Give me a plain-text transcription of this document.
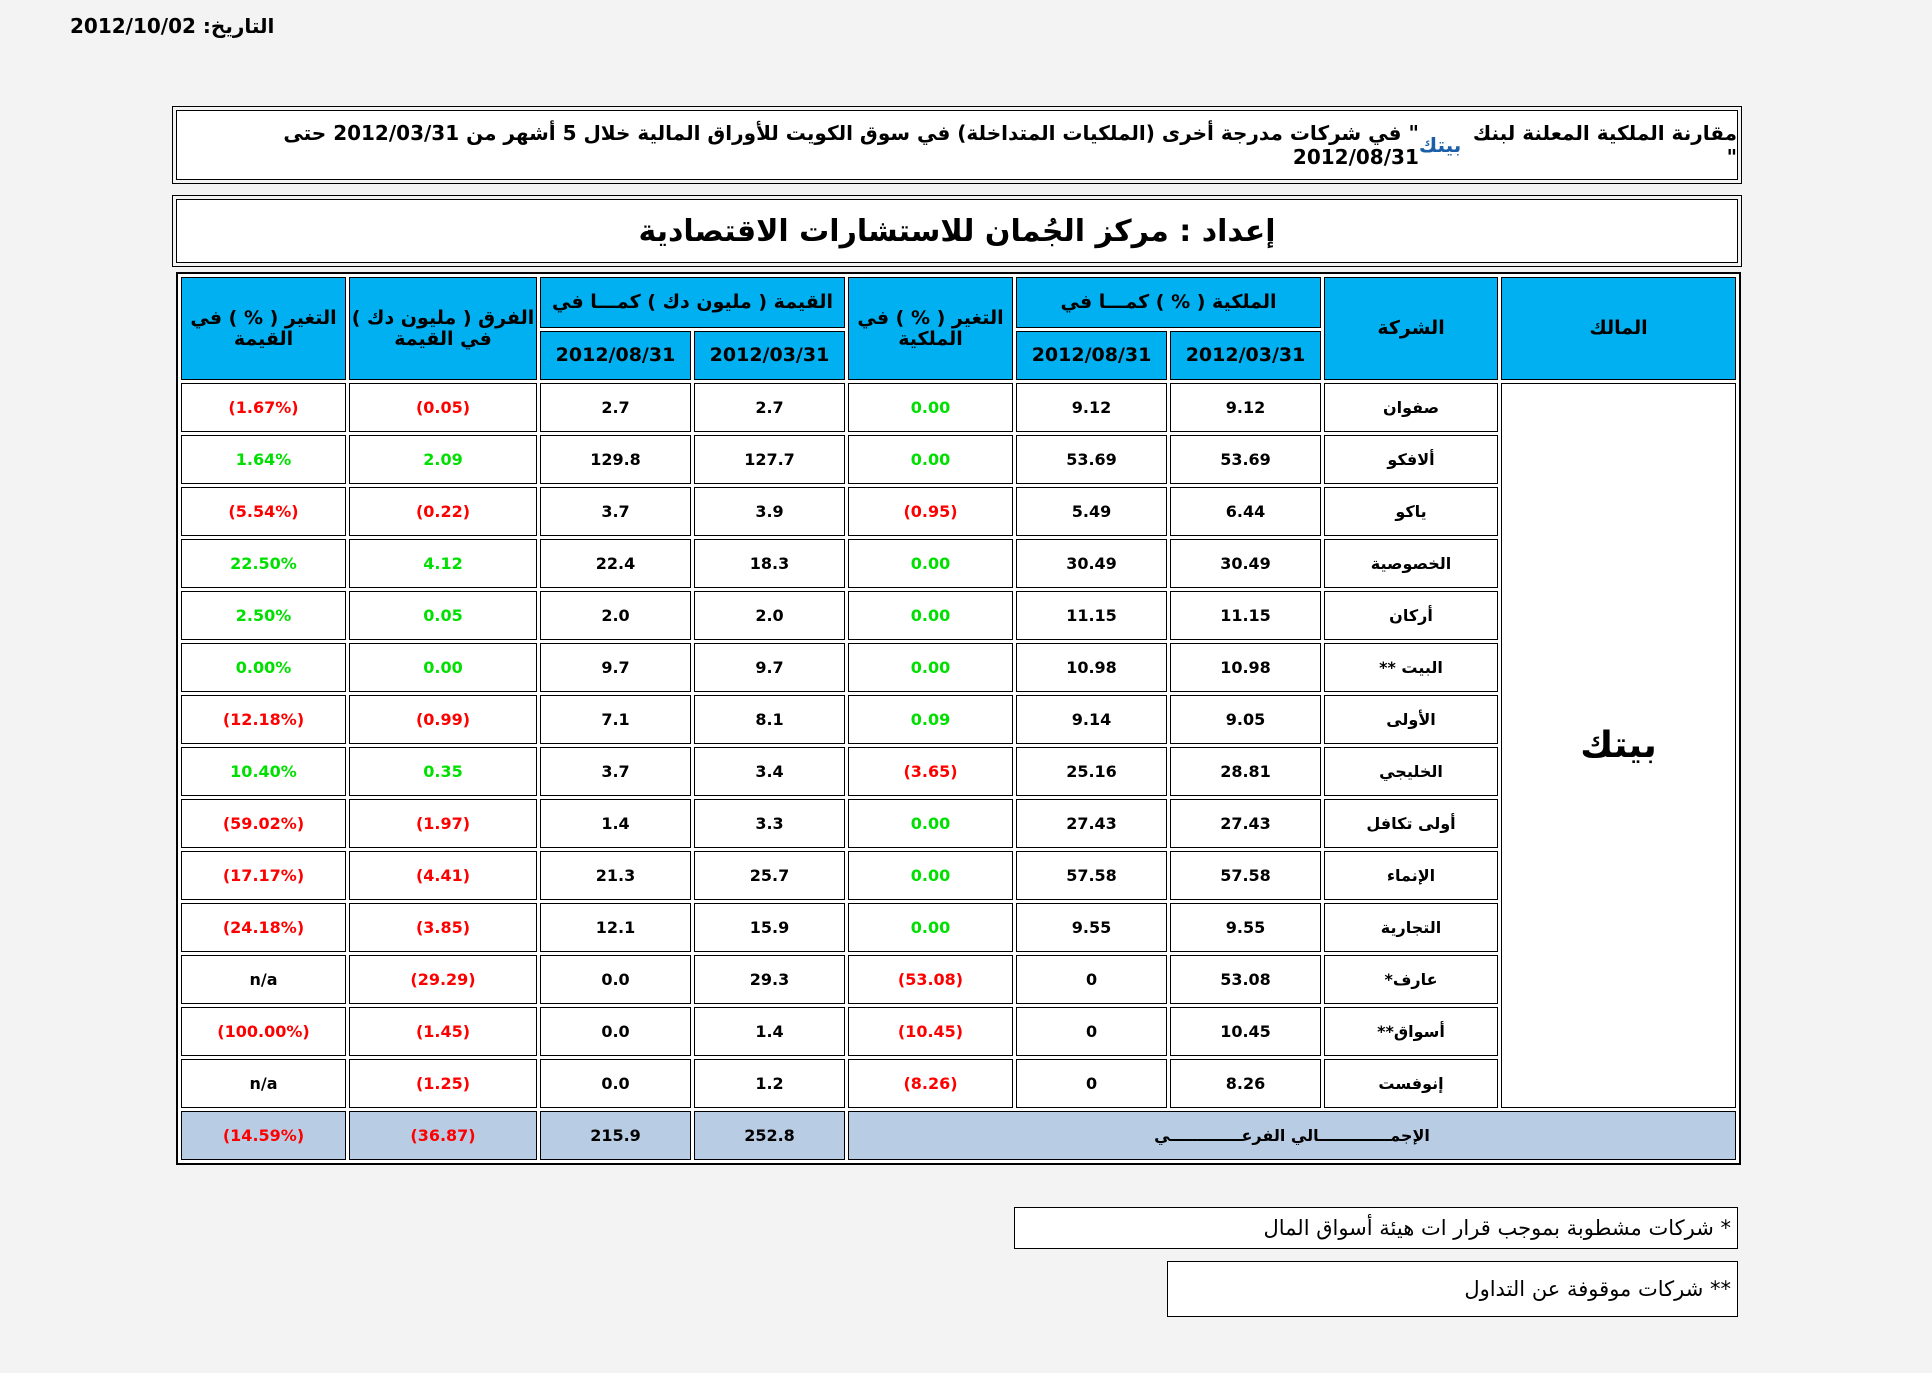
التاريخ: 2012/10/02
مقارنة الملكية المعلنة لبنك "
بيتك
" في شركات مدرجة أخرى (الملكيات المتداخلة) في سوق الكويت للأوراق المالية خلال 5 أشهر من 2012/03/31 حتى 2012/08/31
إعداد : مركز الجُمان للاستشارات الاقتصادية
المالك	الشركة	الملكية ( % ) كمـــا في		التغير ( % ) في الملكية	القيمة ( مليون دك ) كمـــا في		الفرق ( مليون دك ) في القيمة	التغير ( % ) في القيمة
		2012/03/31	2012/08/31		2012/03/31	2012/08/31		
بيتك	صفوان	9.12	9.12	0.00	2.7	2.7	(0.05)	(1.67%)
	ألافكو	53.69	53.69	0.00	127.7	129.8	2.09	1.64%
	ياكو	6.44	5.49	(0.95)	3.9	3.7	(0.22)	(5.54%)
	الخصوصية	30.49	30.49	0.00	18.3	22.4	4.12	22.50%
	أركان	11.15	11.15	0.00	2.0	2.0	0.05	2.50%
	البيت **	10.98	10.98	0.00	9.7	9.7	0.00	0.00%
	الأولى	9.05	9.14	0.09	8.1	7.1	(0.99)	(12.18%)
	الخليجي	28.81	25.16	(3.65)	3.4	3.7	0.35	10.40%
	أولى تكافل	27.43	27.43	0.00	3.3	1.4	(1.97)	(59.02%)
	الإنماء	57.58	57.58	0.00	25.7	21.3	(4.41)	(17.17%)
	التجارية	9.55	9.55	0.00	15.9	12.1	(3.85)	(24.18%)
	عارف*	53.08	0	(53.08)	29.3	0.0	(29.29)	n/a
	أسواق**	10.45	0	(10.45)	1.4	0.0	(1.45)	(100.00%)
	إنوفست	8.26	0	(8.26)	1.2	0.0	(1.25)	n/a
الإجمـــــــــــــالي الفرعـــــــــــــي					252.8	215.9	(36.87)	(14.59%)
* شركات مشطوبة بموجب قرار ات هيئة أسواق المال
** شركات موقوفة عن التداول
